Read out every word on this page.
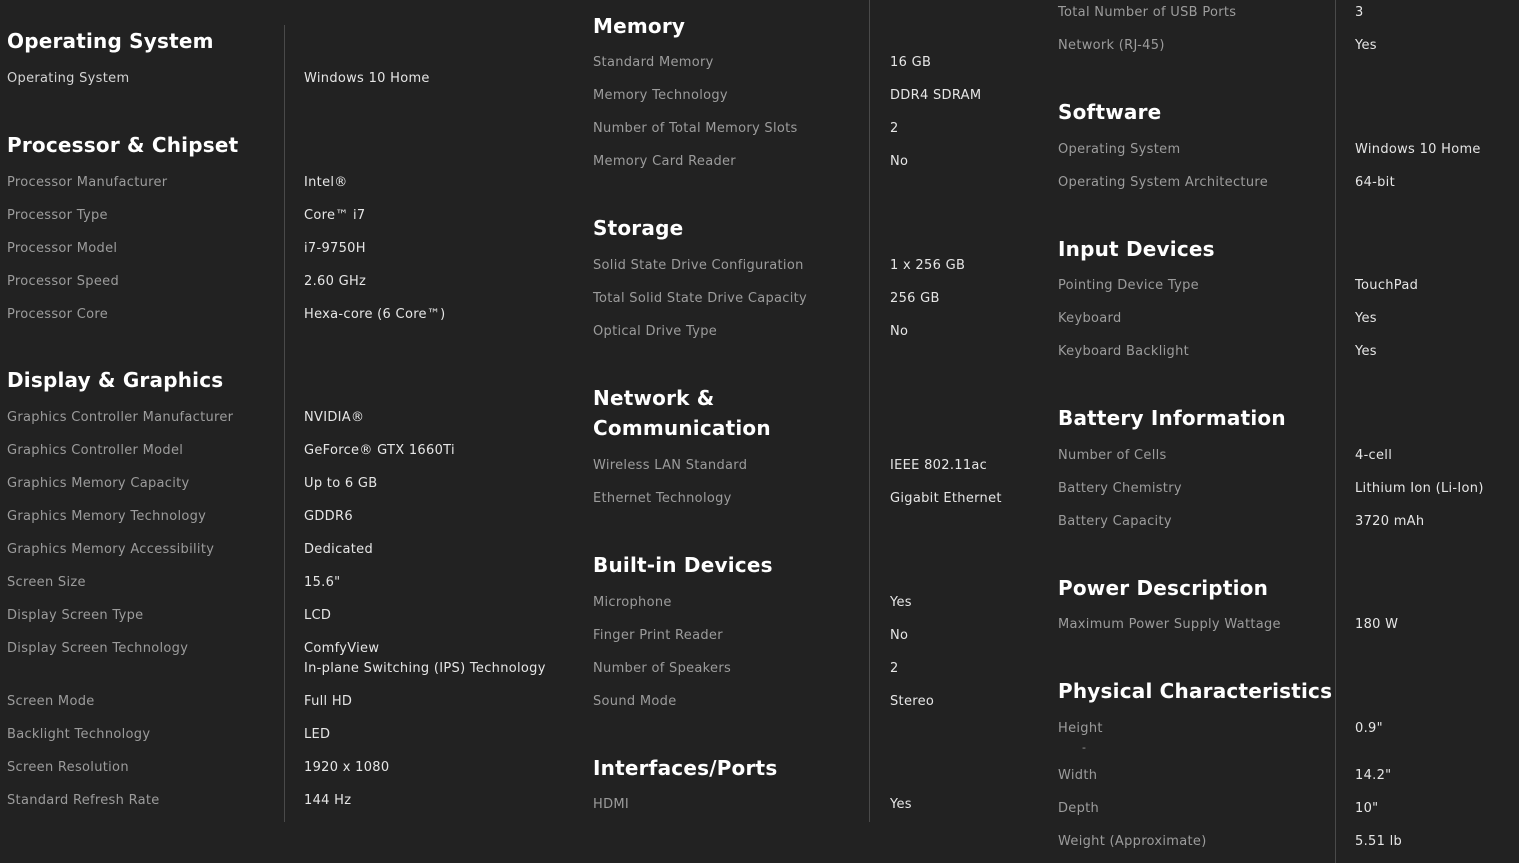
Operating System
Operating System	Windows 10 Home
Processor & Chipset
Processor Manufacturer	Intel®
Processor Type	Core™ i7
Processor Model	i7-9750H
Processor Speed	2.60 GHz
Processor Core	Hexa-core (6 Core™)
Display & Graphics
Graphics Controller Manufacturer	NVIDIA®
Graphics Controller Model	GeForce® GTX 1660Ti
Graphics Memory Capacity	Up to 6 GB
Graphics Memory Technology	GDDR6
Graphics Memory Accessibility	Dedicated
Screen Size	15.6"
Display Screen Type	LCD
Display Screen Technology	ComfyView
In-plane Switching (IPS) Technology
Screen Mode	Full HD
Backlight Technology	LED
Screen Resolution	1920 x 1080
Standard Refresh Rate	144 Hz
Memory
Standard Memory	16 GB
Memory Technology	DDR4 SDRAM
Number of Total Memory Slots	2
Memory Card Reader	No
Storage
Solid State Drive Configuration	1 x 256 GB
Total Solid State Drive Capacity	256 GB
Optical Drive Type	No
Network &
Communication
Wireless LAN Standard	IEEE 802.11ac
Ethernet Technology	Gigabit Ethernet
Built-in Devices
Microphone	Yes
Finger Print Reader	No
Number of Speakers	2
Sound Mode	Stereo
Interfaces/Ports
HDMI	Yes
Total Number of USB Ports	3
Network (RJ-45)	Yes
Software
Operating System	Windows 10 Home
Operating System Architecture	64-bit
Input Devices
Pointing Device Type	TouchPad
Keyboard	Yes
Keyboard Backlight	Yes
Battery Information
Number of Cells	4-cell
Battery Chemistry	Lithium Ion (Li-Ion)
Battery Capacity	3720 mAh
Power Description
Maximum Power Supply Wattage	180 W
Physical Characteristics
Height	0.9"
-
Width	14.2"
Depth	10"
Weight (Approximate)	5.51 lb
